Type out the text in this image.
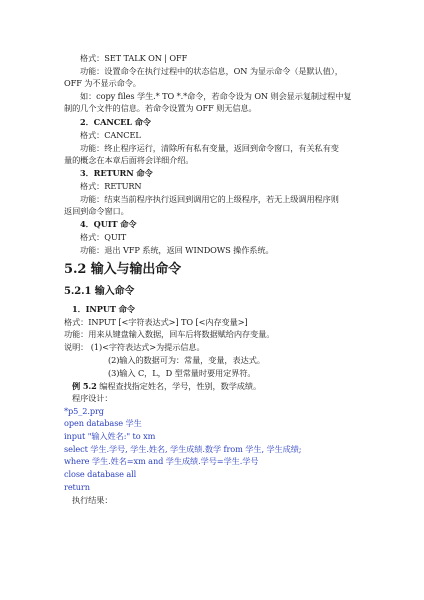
格式：SET TALK ON | OFF
功能：设置命令在执行过程中的状态信息，ON 为显示命令（是默认值），
OFF 为不显示命令。
如：copy files 学生.* TO *.*命令，若命令设为 ON 则会显示复制过程中复
制的几个文件的信息。若命令设置为 OFF 则无信息。
2．CANCEL 命令
格式：CANCEL
功能：终止程序运行，清除所有私有变量，返回到命令窗口，有关私有变
量的概念在本章后面将会详细介绍。
3．RETURN 命令
格式：RETURN
功能：结束当前程序执行返回到调用它的上级程序，若无上级调用程序则
返回到命令窗口。
4．QUIT 命令
格式：QUIT
功能：退出 VFP 系统，返回 WINDOWS 操作系统。
5.2 输入与输出命令
5.2.1 输入命令
1．INPUT 命令
格式：INPUT [<字符表达式>] TO [<内存变量>]
功能：用来从键盘输入数据，回车后将数据赋给内存变量。
说明： (1)<字符表达式>为提示信息。
(2)输入的数据可为：常量，变量，表达式。
(3)输入 C，L，D 型常量时要用定界符。
例 5.2 编程查找指定姓名，学号，性别，数学成绩。
程序设计：
*p5_2.prg
open database 学生
input "输入姓名:" to xm
select 学生.学号, 学生.姓名, 学生成绩.数学 from 学生, 学生成绩;
where 学生.姓名=xm and 学生成绩.学号=学生.学号
close database all
return
执行结果：
